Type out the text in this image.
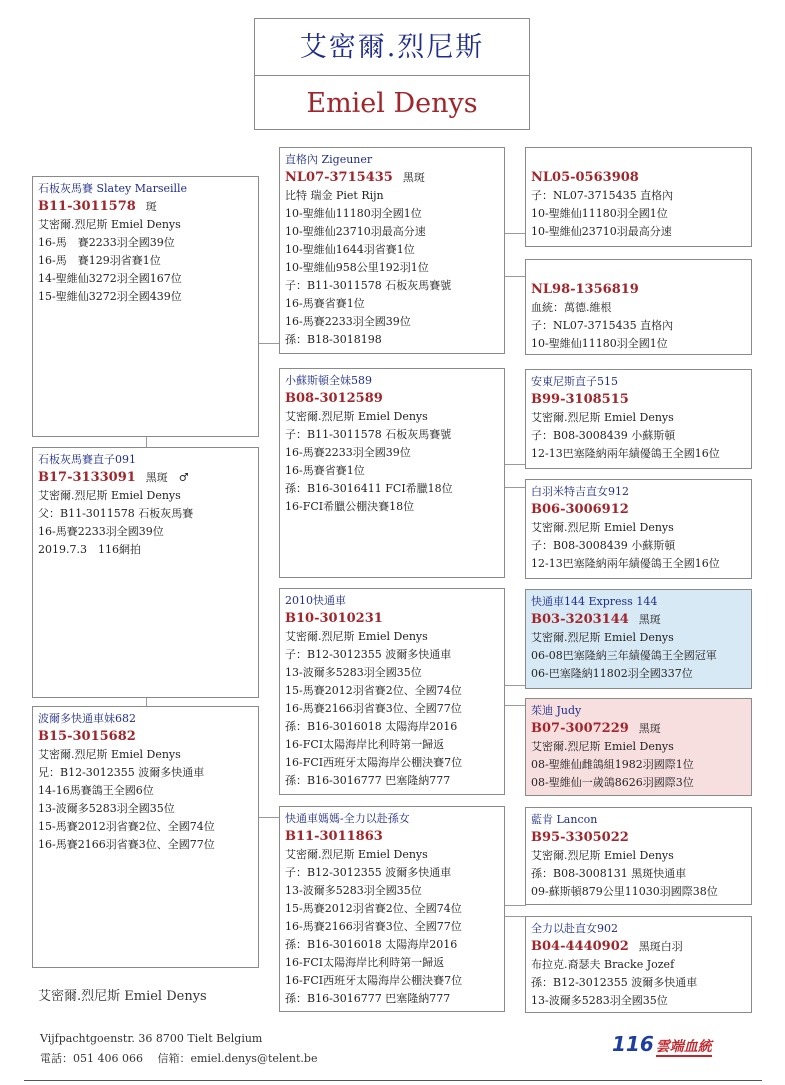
艾密爾.烈尼斯
Emiel Denys
石板灰馬賽 Slatey Marseille
B11-3011578 斑
艾密爾.烈尼斯 Emiel Denys
16-馬　賽2233羽全國39位
16-馬　賽129羽省賽1位
14-聖維仙3272羽全國167位
15-聖維仙3272羽全國439位
石板灰馬賽直子091
B17-3133091 黑斑　♂
艾密爾.烈尼斯 Emiel Denys
父：B11-3011578 石板灰馬賽
16-馬賽2233羽全國39位
2019.7.3　116網拍
波爾多快通車妹682
B15-3015682
艾密爾.烈尼斯 Emiel Denys
兄：B12-3012355 波爾多快通車
14-16馬賽鴿王全國6位
13-波爾多5283羽全國35位
15-馬賽2012羽省賽2位、全國74位
16-馬賽2166羽省賽3位、全國77位
直格內 Zigeuner
NL07-3715435 黑斑
比特 瑞金 Piet Rijn
10-聖維仙11180羽全國1位
10-聖維仙23710羽最高分速
10-聖維仙1644羽省賽1位
10-聖維仙958公里192羽1位
子：B11-3011578 石板灰馬賽號
16-馬賽省賽1位
16-馬賽2233羽全國39位
孫：B18-3018198
小蘇斯頓全妹589
B08-3012589
艾密爾.烈尼斯 Emiel Denys
子：B11-3011578 石板灰馬賽號
16-馬賽2233羽全國39位
16-馬賽省賽1位
孫：B16-3016411 FCI希臘18位
16-FCI希臘公棚決賽18位
2010快通車
B10-3010231
艾密爾.烈尼斯 Emiel Denys
子：B12-3012355 波爾多快通車
13-波爾多5283羽全國35位
15-馬賽2012羽省賽2位、全國74位
16-馬賽2166羽省賽3位、全國77位
孫：B16-3016018 太陽海岸2016
16-FCI太陽海岸比利時第一歸返
16-FCI西班牙太陽海岸公棚決賽7位
孫：B16-3016777 巴塞隆納777
快通車媽媽-全力以赴孫女
B11-3011863
艾密爾.烈尼斯 Emiel Denys
子：B12-3012355 波爾多快通車
13-波爾多5283羽全國35位
15-馬賽2012羽省賽2位、全國74位
16-馬賽2166羽省賽3位、全國77位
孫：B16-3016018 太陽海岸2016
16-FCI太陽海岸比利時第一歸返
16-FCI西班牙太陽海岸公棚決賽7位
孫：B16-3016777 巴塞隆納777
NL05-0563908
子：NL07-3715435 直格內
10-聖維仙11180羽全國1位
10-聖維仙23710羽最高分速
NL98-1356819
血統：萬德.維根
子：NL07-3715435 直格內
10-聖維仙11180羽全國1位
安東尼斯直子515
B99-3108515
艾密爾.烈尼斯 Emiel Denys
子：B08-3008439 小蘇斯頓
12-13巴塞隆納兩年績優鴿王全國16位
白羽米特吉直女912
B06-3006912
艾密爾.烈尼斯 Emiel Denys
子：B08-3008439 小蘇斯頓
12-13巴塞隆納兩年績優鴿王全國16位
快通車144 Express 144
B03-3203144 黑斑
艾密爾.烈尼斯 Emiel Denys
06-08巴塞隆納三年績優鴿王全國冠軍
06-巴塞隆納11802羽全國337位
茱迪 Judy
B07-3007229 黑斑
艾密爾.烈尼斯 Emiel Denys
08-聖維仙雌鴿組1982羽國際1位
08-聖維仙一歲鴿8626羽國際3位
藍肯 Lancon
B95-3305022
艾密爾.烈尼斯 Emiel Denys
孫：B08-3008131 黑斑快通車
09-蘇斯頓879公里11030羽國際38位
全力以赴直女902
B04-4440902 黑斑白羽
布拉克.裔瑟夫 Bracke Jozef
孫：B12-3012355 波爾多快通車
13-波爾多5283羽全國35位
艾密爾.烈尼斯 Emiel Denys
Vijfpachtgoenstr. 36 8700 Tielt Belgium
電話：051 406 066　 信箱：emiel.denys@telent.be
116 雲端血統
